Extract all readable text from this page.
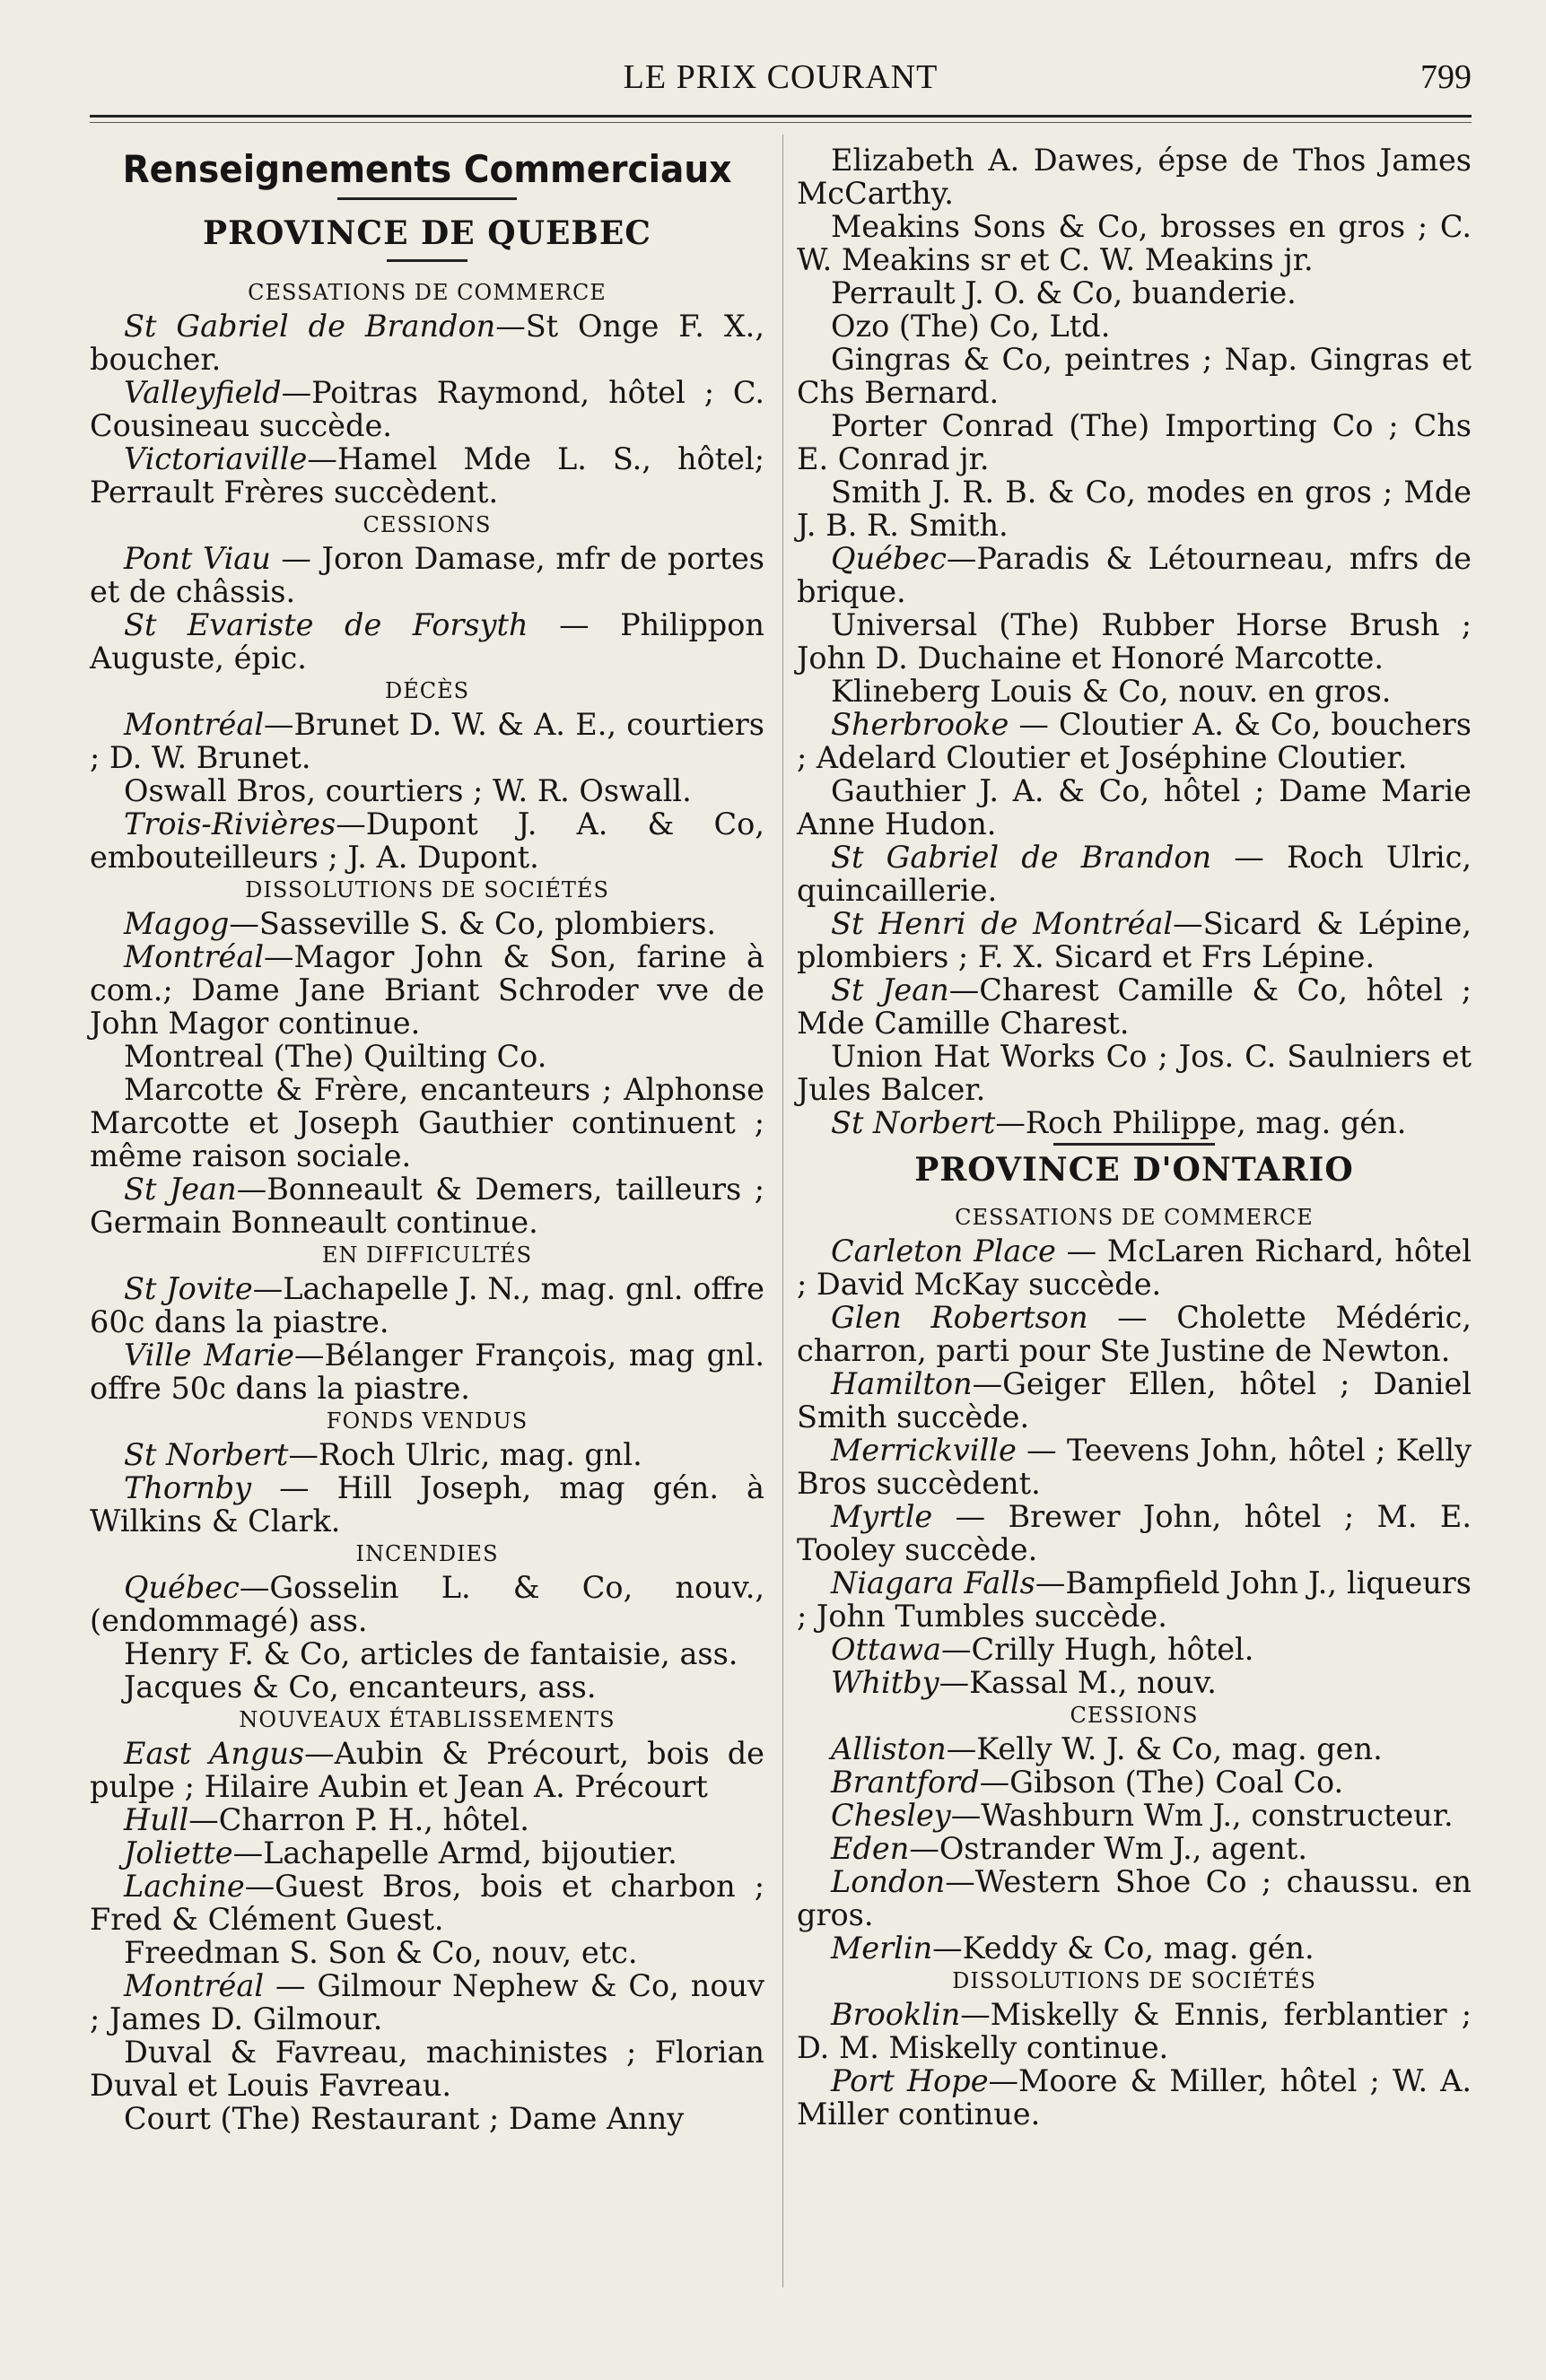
LE PRIX COURANT	799
Renseignements Commerciaux
PROVINCE DE QUEBEC
CESSATIONS DE COMMERCE
St Gabriel de Brandon—St Onge F. X., boucher.
Valleyfield—Poitras Raymond, hôtel ; C. Cousineau succède.
Victoriaville—Hamel Mde L. S., hôtel; Perrault Frères succèdent.
CESSIONS
Pont Viau — Joron Damase, mfr de portes et de châssis.
St Evariste de Forsyth — Philippon Auguste, épic.
DÉCÈS
Montréal—Brunet D. W. & A. E., courtiers ; D. W. Brunet.
Oswall Bros, courtiers ; W. R. Oswall.
Trois-Rivières—Dupont J. A. & Co, embouteilleurs ; J. A. Dupont.
DISSOLUTIONS DE SOCIÉTÉS
Magog—Sasseville S. & Co, plombiers.
Montréal—Magor John & Son, farine à com.; Dame Jane Briant Schroder vve de John Magor continue.
Montreal (The) Quilting Co.
Marcotte & Frère, encanteurs ; Alphonse Marcotte et Joseph Gauthier continuent ; même raison sociale.
St Jean—Bonneault & Demers, tailleurs ; Germain Bonneault continue.
EN DIFFICULTÉS
St Jovite—Lachapelle J. N., mag. gnl. offre 60c dans la piastre.
Ville Marie—Bélanger François, mag gnl. offre 50c dans la piastre.
FONDS VENDUS
St Norbert—Roch Ulric, mag. gnl.
Thornby — Hill Joseph, mag gén. à Wilkins & Clark.
INCENDIES
Québec—Gosselin L. & Co, nouv., (endommagé) ass.
Henry F. & Co, articles de fantaisie, ass.
Jacques & Co, encanteurs, ass.
NOUVEAUX ÉTABLISSEMENTS
East Angus—Aubin & Précourt, bois de pulpe ; Hilaire Aubin et Jean A. Précourt
Hull—Charron P. H., hôtel.
Joliette—Lachapelle Armd, bijoutier.
Lachine—Guest Bros, bois et charbon ; Fred & Clément Guest.
Freedman S. Son & Co, nouv, etc.
Montréal — Gilmour Nephew & Co, nouv ; James D. Gilmour.
Duval & Favreau, machinistes ; Florian Duval et Louis Favreau.
Court (The) Restaurant ; Dame Anny
Elizabeth A. Dawes, épse de Thos James McCarthy.
Meakins Sons & Co, brosses en gros ; C. W. Meakins sr et C. W. Meakins jr.
Perrault J. O. & Co, buanderie.
Ozo (The) Co, Ltd.
Gingras & Co, peintres ; Nap. Gingras et Chs Bernard.
Porter Conrad (The) Importing Co ; Chs E. Conrad jr.
Smith J. R. B. & Co, modes en gros ; Mde J. B. R. Smith.
Québec—Paradis & Létourneau, mfrs de brique.
Universal (The) Rubber Horse Brush ; John D. Duchaine et Honoré Marcotte.
Klineberg Louis & Co, nouv. en gros.
Sherbrooke — Cloutier A. & Co, bouchers ; Adelard Cloutier et Joséphine Cloutier.
Gauthier J. A. & Co, hôtel ; Dame Marie Anne Hudon.
St Gabriel de Brandon — Roch Ulric, quincaillerie.
St Henri de Montréal—Sicard & Lépine, plombiers ; F. X. Sicard et Frs Lépine.
St Jean—Charest Camille & Co, hôtel ; Mde Camille Charest.
Union Hat Works Co ; Jos. C. Saulniers et Jules Balcer.
St Norbert—Roch Philippe, mag. gén.
PROVINCE D'ONTARIO
CESSATIONS DE COMMERCE
Carleton Place — McLaren Richard, hôtel ; David McKay succède.
Glen Robertson — Cholette Médéric, charron, parti pour Ste Justine de Newton.
Hamilton—Geiger Ellen, hôtel ; Daniel Smith succède.
Merrickville — Teevens John, hôtel ; Kelly Bros succèdent.
Myrtle — Brewer John, hôtel ; M. E. Tooley succède.
Niagara Falls—Bampfield John J., liqueurs ; John Tumbles succède.
Ottawa—Crilly Hugh, hôtel.
Whitby—Kassal M., nouv.
CESSIONS
Alliston—Kelly W. J. & Co, mag. gen.
Brantford—Gibson (The) Coal Co.
Chesley—Washburn Wm J., constructeur.
Eden—Ostrander Wm J., agent.
London—Western Shoe Co ; chaussu. en gros.
Merlin—Keddy & Co, mag. gén.
DISSOLUTIONS DE SOCIÉTÉS
Brooklin—Miskelly & Ennis, ferblantier ; D. M. Miskelly continue.
Port Hope—Moore & Miller, hôtel ; W. A. Miller continue.
